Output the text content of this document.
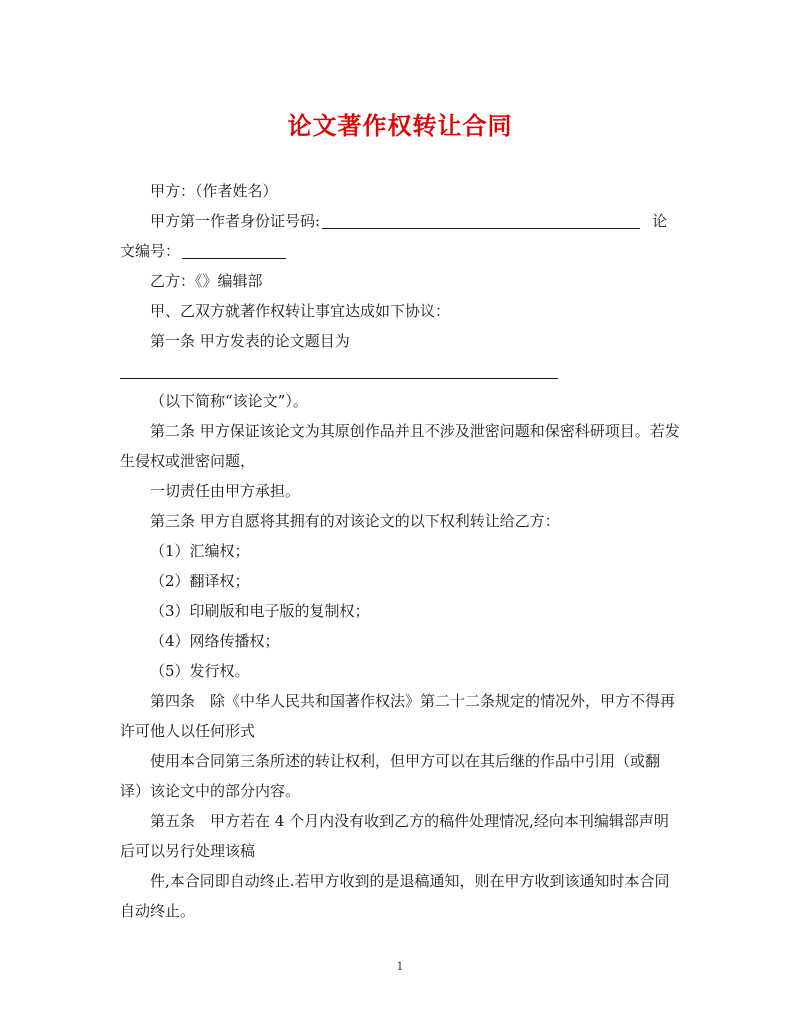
论文著作权转让合同

甲方：（作者姓名）

甲方第一作者身份证号码:	论

文编号：

乙方：《》编辑部

甲、乙双方就著作权转让事宜达成如下协议：

第一条 甲方发表的论文题目为

（以下简称“该论文”）。

第二条 甲方保证该论文为其原创作品并且不涉及泄密问题和保密科研项目。若发生侵权或泄密问题，

一切责任由甲方承担。

第三条 甲方自愿将其拥有的对该论文的以下权利转让给乙方：

（1）汇编权；

（2）翻译权；

（3）印刷版和电子版的复制权；

（4）网络传播权；

（5）发行权。

第四条　除《中华人民共和国著作权法》第二十二条规定的情况外，甲方不得再许可他人以任何形式

使用本合同第三条所述的转让权利，但甲方可以在其后继的作品中引用（或翻译）该论文中的部分内容。

第五条　甲方若在 4 个月内没有收到乙方的稿件处理情况,经向本刊编辑部声明后可以另行处理该稿

件,本合同即自动终止.若甲方收到的是退稿通知，则在甲方收到该通知时本合同自动终止。

1
